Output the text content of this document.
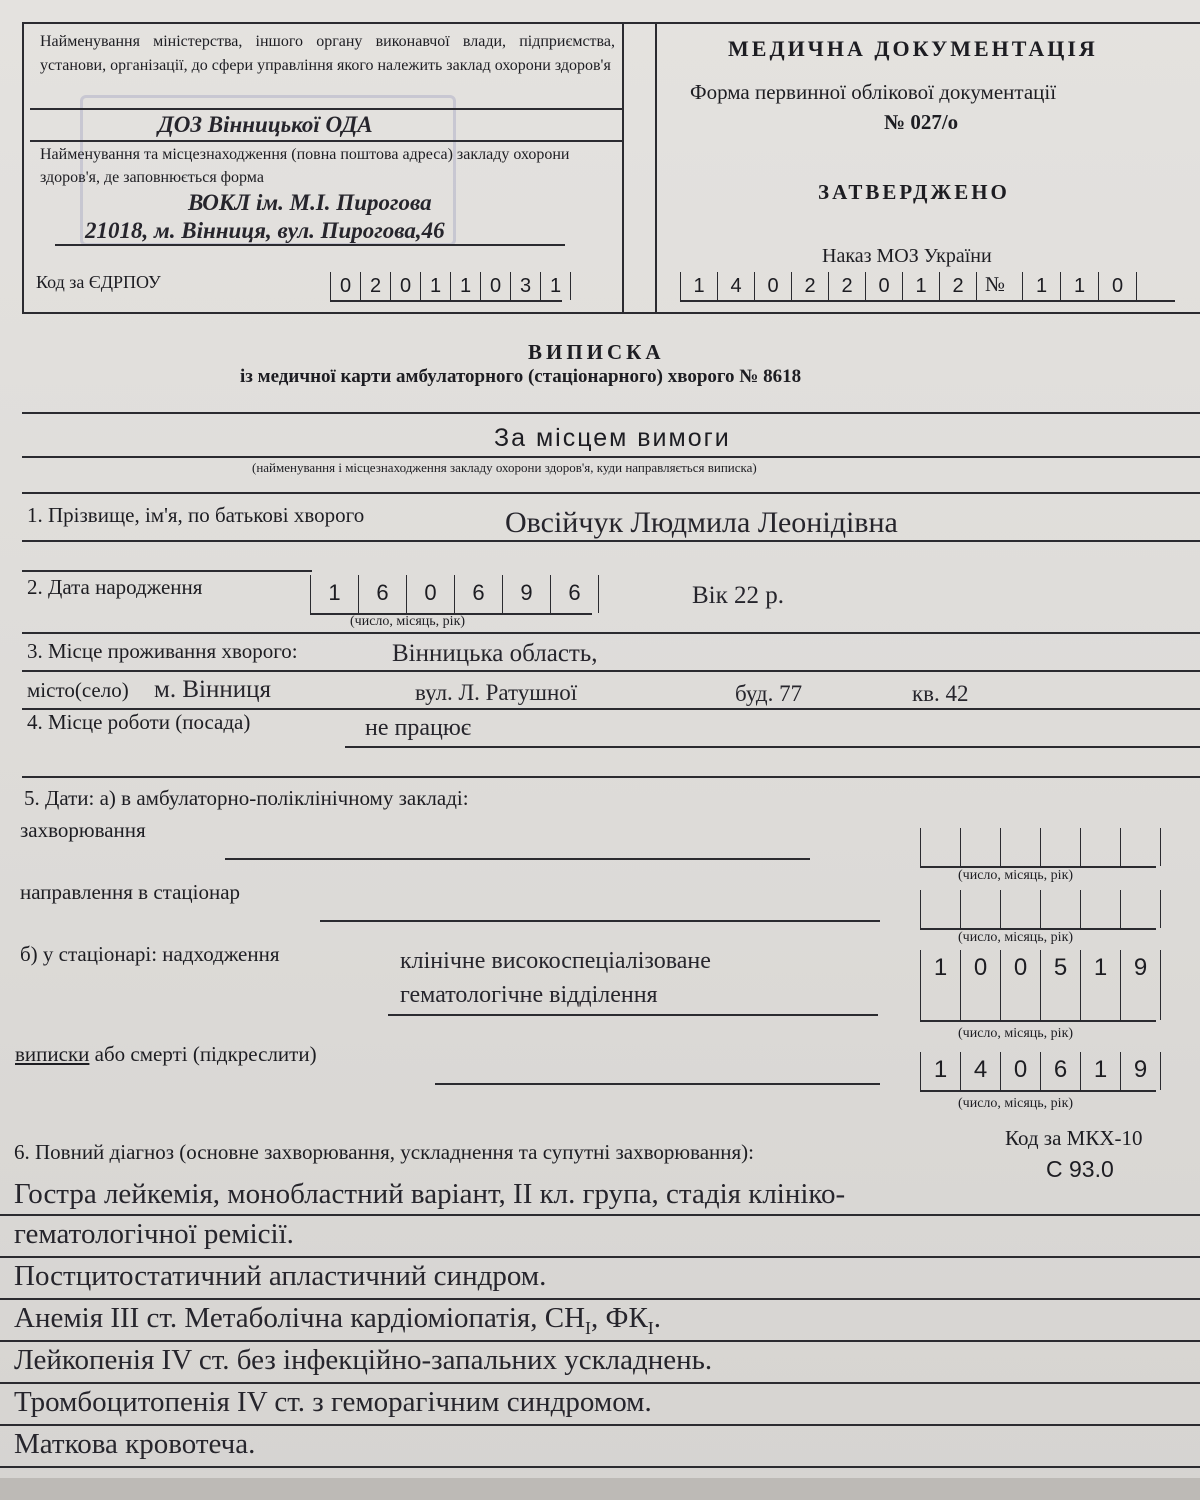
Найменування міністерства, іншого органу виконавчої влади, підприємства, установи, організації, до сфери управління якого належить заклад охорони здоров'я
ДОЗ Вінницької ОДА
Найменування та місцезнаходження (повна поштова адреса) закладу охорони здоров'я, де заповнюється форма
ВОКЛ ім. М.І. Пирогова
21018, м. Вінниця, вул. Пирогова,46
Код за ЄДРПОУ	0 2 0 1 1 0 3 1
МЕДИЧНА ДОКУМЕНТАЦІЯ
Форма первинної облікової документації
№ 027/о
ЗАТВЕРДЖЕНО
Наказ МОЗ України
1	4	0	2	2	0	1	2	№	1	1	0
ВИПИСКА
із медичної карти амбулаторного (стаціонарного) хворого № 8618
За місцем вимоги
(найменування і місцезнаходження закладу охорони здоров'я, куди направляється виписка)
1. Прізвище, ім'я, по батькові хворого	Овсійчук Людмила Леонідівна
2. Дата народження	1	6	0	6	9	6
(число, місяць, рік)
Вік 22 р.
3. Місце проживання хворого:	Вінницька область,
місто(село) м. Вінниця	вул. Л. Ратушної	буд. 77	кв. 42
4. Місце роботи (посада)	не працює
5. Дати: а) в амбулаторно-поліклінічному закладі:
захворювання
(число, місяць, рік)
направлення в стаціонар
(число, місяць, рік)
б) у стаціонарі: надходження	клінічне високоспеціалізоване
гематологічне відділення
1	0	0	5	1	9
(число, місяць, рік)
виписки або смерті (підкреслити)
1	4	0	6	1	9
(число, місяць, рік)
Код за МКХ-10
С 93.0
6. Повний діагноз (основне захворювання, ускладнення та супутні захворювання):
Гостра лейкемія, монобластний варіант, ІІ кл. група, стадія клініко-
гематологічної ремісії.
Постцитостатичний апластичний синдром.
Анемія ІІІ ст. Метаболічна кардіоміопатія, $СН_І$, $ФК_І$.
Лейкопенія IV ст. без інфекційно-запальних ускладнень.
Тромбоцитопенія IV ст. з геморагічним синдромом.
Маткова кровотеча.
